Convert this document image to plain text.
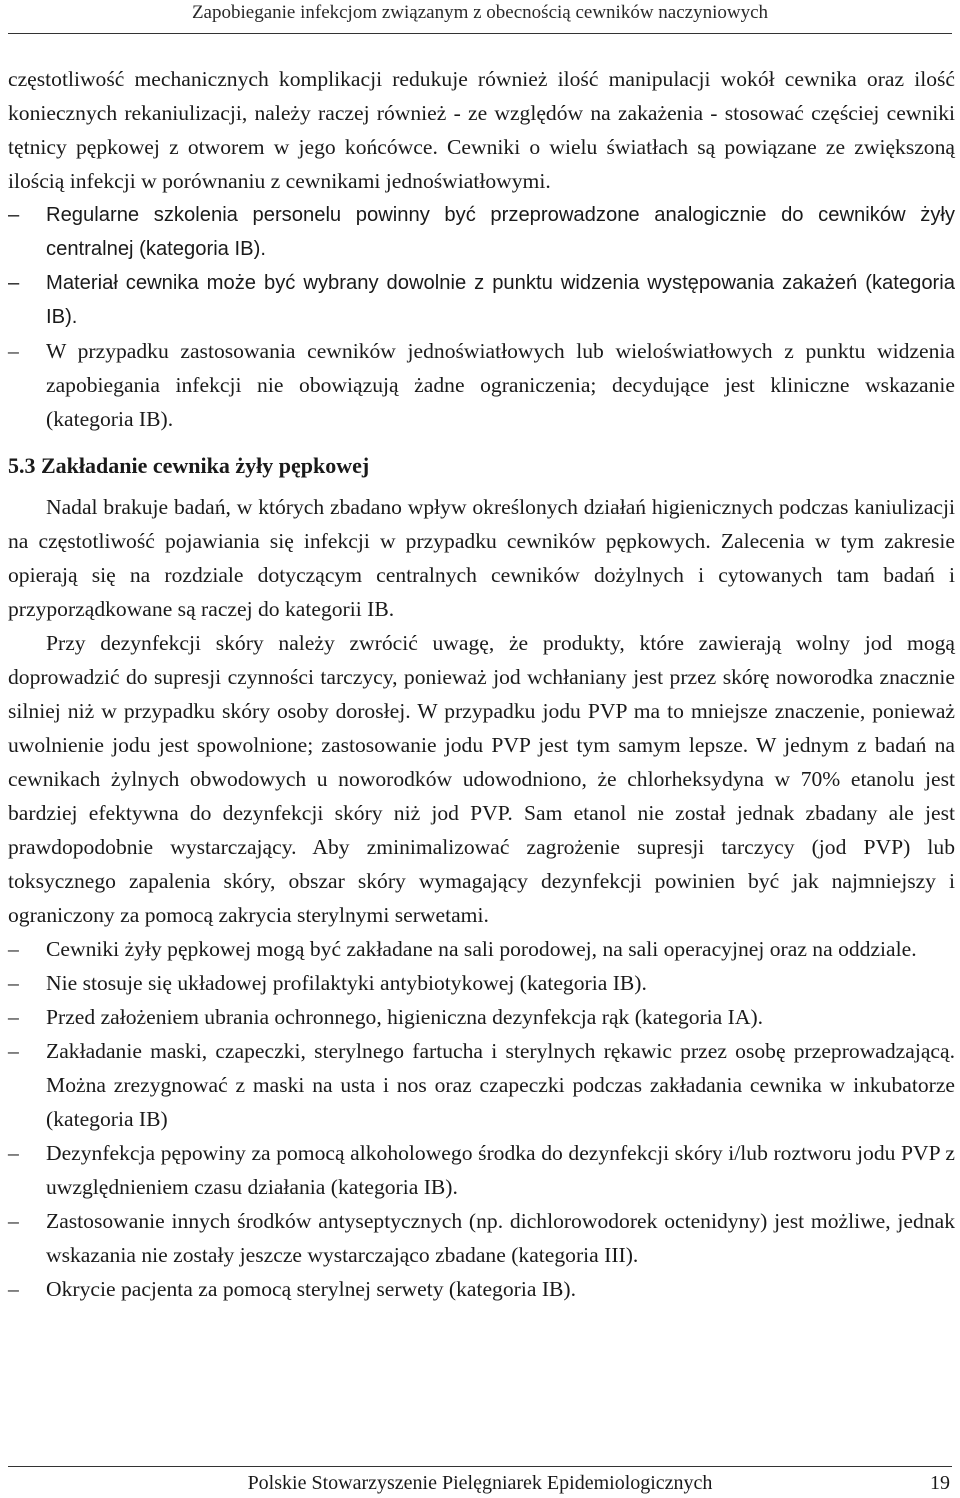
Zapobieganie infekcjom związanym z obecnością cewników naczyniowych

częstotliwość mechanicznych komplikacji redukuje również ilość manipulacji wokół cewnika oraz ilość koniecznych rekaniulizacji, należy raczej również - ze względów na zakażenia - stosować częściej cewniki tętnicy pępkowej z otworem w jego końcówce. Cewniki o wielu światłach są powiązane ze zwiększoną ilością infekcji w porównaniu z cewnikami jednoświatłowymi.

–	Regularne szkolenia personelu powinny być przeprowadzone analogicznie do cewników żyły centralnej (kategoria IB).

–	Materiał cewnika może być wybrany dowolnie z punktu widzenia występowania zakażeń (kategoria IB).

–	W przypadku zastosowania cewników jednoświatłowych lub wieloświatłowych z punktu widzenia zapobiegania infekcji nie obowiązują żadne ograniczenia; decydujące jest kliniczne wskazanie (kategoria IB).

5.3 Zakładanie cewnika żyły pępkowej

Nadal brakuje badań, w których zbadano wpływ określonych działań higienicznych podczas kaniulizacji na częstotliwość pojawiania się infekcji w przypadku cewników pępkowych. Zalecenia w tym zakresie opierają się na rozdziale dotyczącym centralnych cewników dożylnych i cytowanych tam badań i przyporządkowane są raczej do kategorii IB.

Przy dezynfekcji skóry należy zwrócić uwagę, że produkty, które zawierają wolny jod mogą doprowadzić do supresji czynności tarczycy, ponieważ jod wchłaniany jest przez skórę noworodka znacznie silniej niż w przypadku skóry osoby dorosłej. W przypadku jodu PVP ma to mniejsze znaczenie, ponieważ uwolnienie jodu jest spowolnione; zastosowanie jodu PVP jest tym samym lepsze. W jednym z badań na cewnikach żylnych obwodowych u noworodków udowodniono, że chlorheksydyna w 70% etanolu jest bardziej efektywna do dezynfekcji skóry niż jod PVP. Sam etanol nie został jednak zbadany ale jest prawdopodobnie wystarczający. Aby zminimalizować zagrożenie supresji tarczycy (jod PVP) lub toksycznego zapalenia skóry, obszar skóry wymagający dezynfekcji powinien być jak najmniejszy i ograniczony za pomocą zakrycia sterylnymi serwetami.

–	Cewniki żyły pępkowej mogą być zakładane na sali porodowej, na sali operacyjnej oraz na oddziale.

–	Nie stosuje się układowej profilaktyki antybiotykowej (kategoria IB).

–	Przed założeniem ubrania ochronnego, higieniczna dezynfekcja rąk (kategoria IA).

–	Zakładanie maski, czapeczki, sterylnego fartucha i sterylnych rękawic przez osobę przeprowadzającą. Można zrezygnować z maski na usta i nos oraz czapeczki podczas zakładania cewnika w inkubatorze (kategoria IB)

–	Dezynfekcja pępowiny za pomocą alkoholowego środka do dezynfekcji skóry i/lub roztworu jodu PVP z uwzględnieniem czasu działania (kategoria IB).

–	Zastosowanie innych środków antyseptycznych (np. dichlorowodorek octenidyny) jest możliwe, jednak wskazania nie zostały jeszcze wystarczająco zbadane (kategoria III).

–	Okrycie pacjenta za pomocą sterylnej serwety (kategoria IB).

Polskie Stowarzyszenie Pielęgniarek Epidemiologicznych	19
